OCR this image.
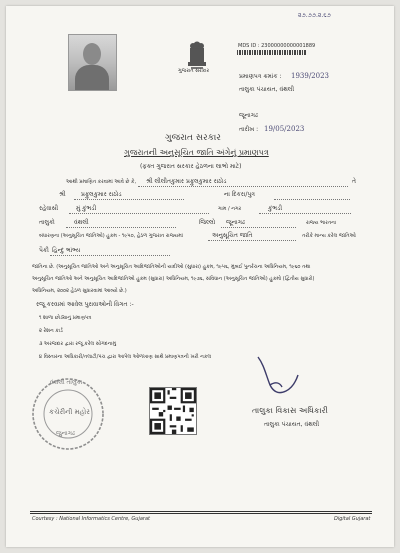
૨૭.૭૭.૨.૬૭
ગુજરાત સરકાર
MDS ID : 23000000000001889
પ્રમાણપત્ર ક્રમાંક : 1939/2023
તાલુકા પંચાયત, વંથલી
જૂનાગઢ
તારીખ : 19/05/2023
ગુજરાત સરકાર
ગુજરાતની અનુસૂચિત જાતિ અંગેનું પ્રમાણપત્ર
(ફક્ત ગુજરાત સરકાર હેઠળના લાભો માટે)
આથી પ્રમાણિત કરવામાં આવે છે કે, શ્રી લીલીતકુમાર પ્રફુલકુમાર રાઠોડ	તે
શ્રી	પ્રફુલકુમાર રાઠોડ	ના દિકરા/પુત્ર
રહેવાસી	મું કુંભડી	ગામ / નગર	કુંભડી
તાલુકો	વંથલી	જિલ્લો જૂનાગઢ	રાજ્ય ભારતના
બંધારણના (અનુસૂચિત જાતિઓ) હુકમ - ૧૯૫૦, હેઠળ ગુજરાત રાજ્યમાં	અનુસૂચિત જાતિ	તરીકે માન્ય કરેલ જાતિઓ
પૈકી હિન્દુ ભાંભ્ય
જાતિના છે. (અનુસૂચિત જાતિઓ અને અનુસૂચિત આદિજાતિઓની યાદીઓ (સુધારા) હુકમ, ૧૯૫૬, મુંબઈ પુનર્રચના અધિનિયમ, ૧૯૬૦ તથા
અનુસૂચિત જાતિઓ અને અનુસૂચિત આદિજાતિઓ હુકમ (સુધારા) અધિનિયમ, ૧૯૭૬, સંવિધાન (અનુસૂચિત જાતિઓ) હુકમો (દ્વિતીય સુધારો)
અધિનિયમ, ૨૦૦૨ હેઠળ સુધારવામાં આવ્યો છે.)
રજૂ કરવામાં આવેલ પુરાવાઓની વિગત :-
૧ શાળા છોડ્યાનું પ્રમાણપત્ર
૨ રેશન કાર્ડ
૩ અરજદાર દ્વારા રજૂ કરેલ સોગંદનામું
૪ વિસ્તારના અધિકારી/તલાટી/પંચ દ્વારા આપેલ ઓળખાણ સાથે પ્રમાણપત્રની ખરી નકલ
વંથલી તાલુકા
કચેરીની મહોર
જુનાગઢ
તાલુકા વિકાસ અધિકારી
તાલુકા પંચાયત, વંથલી
Courtesy : National Informatics Centre, Gujarat	Digital Gujarat
